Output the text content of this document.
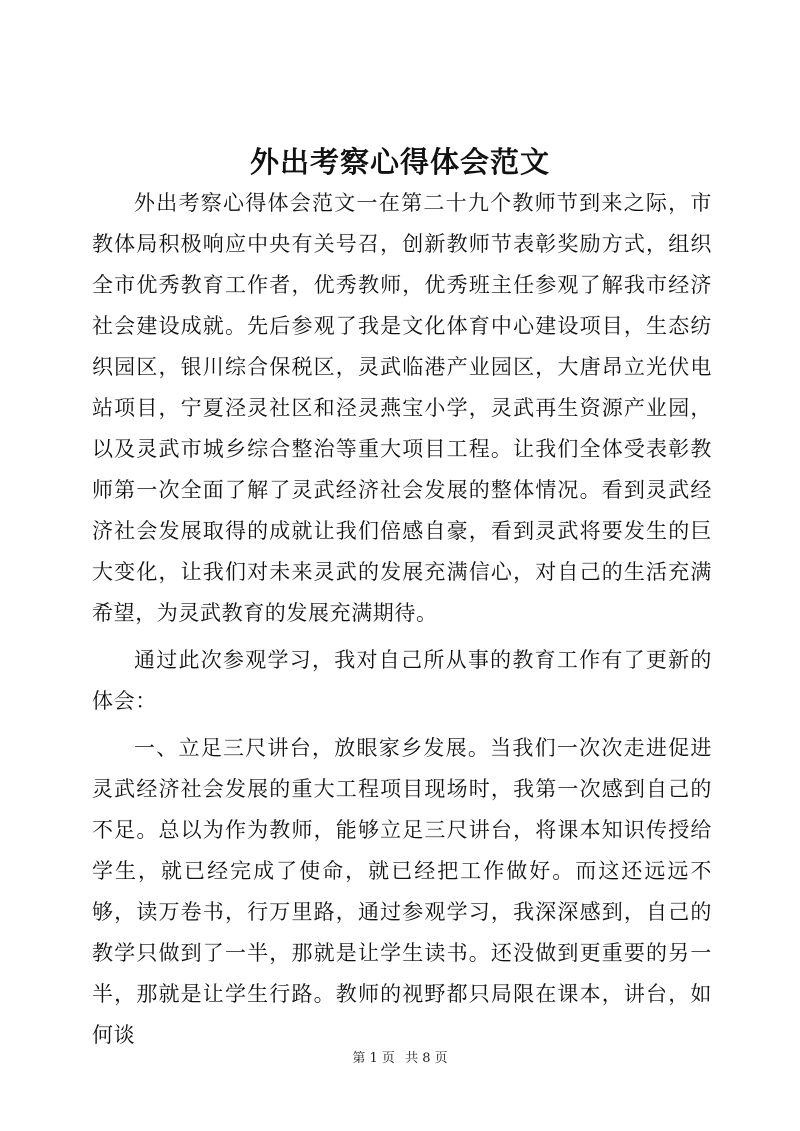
外出考察心得体会范文

外出考察心得体会范文一在第二十九个教师节到来之际，市教体局积极响应中央有关号召，创新教师节表彰奖励方式，组织全市优秀教育工作者，优秀教师，优秀班主任参观了解我市经济社会建设成就。先后参观了我是文化体育中心建设项目，生态纺织园区，银川综合保税区，灵武临港产业园区，大唐昂立光伏电站项目，宁夏泾灵社区和泾灵燕宝小学，灵武再生资源产业园，以及灵武市城乡综合整治等重大项目工程。让我们全体受表彰教师第一次全面了解了灵武经济社会发展的整体情况。看到灵武经济社会发展取得的成就让我们倍感自豪，看到灵武将要发生的巨大变化，让我们对未来灵武的发展充满信心，对自己的生活充满希望，为灵武教育的发展充满期待。

通过此次参观学习，我对自己所从事的教育工作有了更新的体会：

一、立足三尺讲台，放眼家乡发展。当我们一次次走进促进灵武经济社会发展的重大工程项目现场时，我第一次感到自己的不足。总以为作为教师，能够立足三尺讲台，将课本知识传授给学生，就已经完成了使命，就已经把工作做好。而这还远远不够，读万卷书，行万里路，通过参观学习，我深深感到，自己的教学只做到了一半，那就是让学生读书。还没做到更重要的另一半，那就是让学生行路。教师的视野都只局限在课本，讲台，如何谈

第 1 页 共 8 页
